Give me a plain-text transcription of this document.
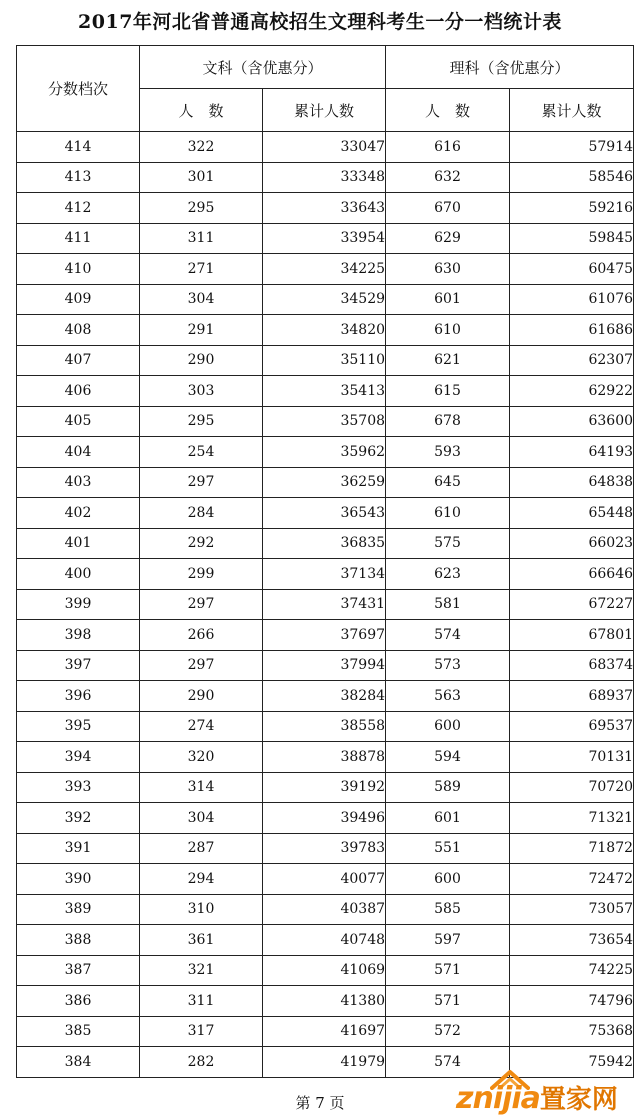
2017年河北省普通高校招生文理科考生一分一档统计表
分数档次	文科（含优惠分）		理科（含优惠分）	
	人　数	累计人数	人　数	累计人数
414	322	33047	616	57914
413	301	33348	632	58546
412	295	33643	670	59216
411	311	33954	629	59845
410	271	34225	630	60475
409	304	34529	601	61076
408	291	34820	610	61686
407	290	35110	621	62307
406	303	35413	615	62922
405	295	35708	678	63600
404	254	35962	593	64193
403	297	36259	645	64838
402	284	36543	610	65448
401	292	36835	575	66023
400	299	37134	623	66646
399	297	37431	581	67227
398	266	37697	574	67801
397	297	37994	573	68374
396	290	38284	563	68937
395	274	38558	600	69537
394	320	38878	594	70131
393	314	39192	589	70720
392	304	39496	601	71321
391	287	39783	551	71872
390	294	40077	600	72472
389	310	40387	585	73057
388	361	40748	597	73654
387	321	41069	571	74225
386	311	41380	571	74796
385	317	41697	572	75368
384	282	41979	574	75942
第 7 页	znijia置家网
